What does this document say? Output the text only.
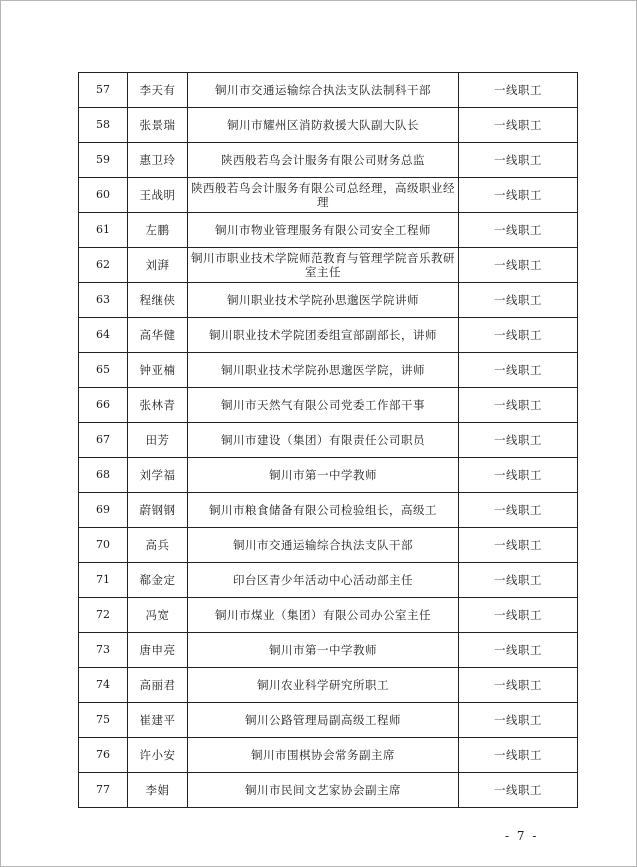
57	李天有	铜川市交通运输综合执法支队法制科干部	一线职工
58	张景瑞	铜川市耀州区消防救援大队副大队长	一线职工
59	惠卫玲	陕西般若鸟会计服务有限公司财务总监	一线职工
60	王战明	陕西般若鸟会计服务有限公司总经理，高级职业经理	一线职工
61	左鹏	铜川市物业管理服务有限公司安全工程师	一线职工
62	刘湃	铜川市职业技术学院师范教育与管理学院音乐教研室主任	一线职工
63	程继侠	铜川职业技术学院孙思邈医学院讲师	一线职工
64	高华健	铜川职业技术学院团委组宣部副部长，讲师	一线职工
65	钟亚楠	铜川职业技术学院孙思邈医学院，讲师	一线职工
66	张林青	铜川市天然气有限公司党委工作部干事	一线职工
67	田芳	铜川市建设（集团）有限责任公司职员	一线职工
68	刘学福	铜川市第一中学教师	一线职工
69	蔚钢钢	铜川市粮食储备有限公司检验组长，高级工	一线职工
70	高兵	铜川市交通运输综合执法支队干部	一线职工
71	郗金定	印台区青少年活动中心活动部主任	一线职工
72	冯宽	铜川市煤业（集团）有限公司办公室主任	一线职工
73	唐申亮	铜川市第一中学教师	一线职工
74	高丽君	铜川农业科学研究所职工	一线职工
75	崔建平	铜川公路管理局副高级工程师	一线职工
76	许小安	铜川市围棋协会常务副主席	一线职工
77	李娟	铜川市民间文艺家协会副主席	一线职工
- 7 -
